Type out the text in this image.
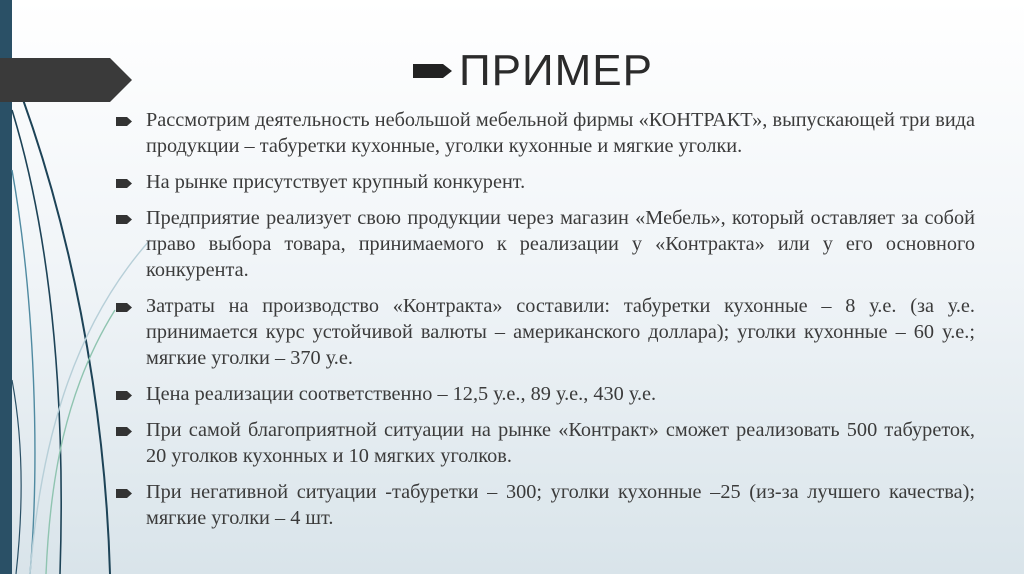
ПРИМЕР
Рассмотрим деятельность небольшой мебельной фирмы «КОНТРАКТ», выпускающей три вида продукции – табуретки кухонные, уголки кухонные и мягкие уголки.
На рынке присутствует крупный конкурент.
Предприятие реализует свою продукции через магазин «Мебель», который оставляет за собой право выбора товара, принимаемого к реализации у «Контракта» или у его основного конкурента.
Затраты на производство «Контракта» составили: табуретки кухонные – 8 у.е. (за у.е. принимается курс устойчивой валюты – американского доллара); уголки кухонные – 60 у.е.; мягкие уголки – 370 у.е.
Цена реализации соответственно – 12,5 у.е., 89 у.е., 430 у.е.
При самой благоприятной ситуации на рынке «Контракт» сможет реализовать 500 табуреток, 20 уголков кухонных и 10 мягких уголков.
При негативной ситуации -табуретки – 300; уголки кухонные –25 (из-за лучшего качества); мягкие уголки – 4 шт.
